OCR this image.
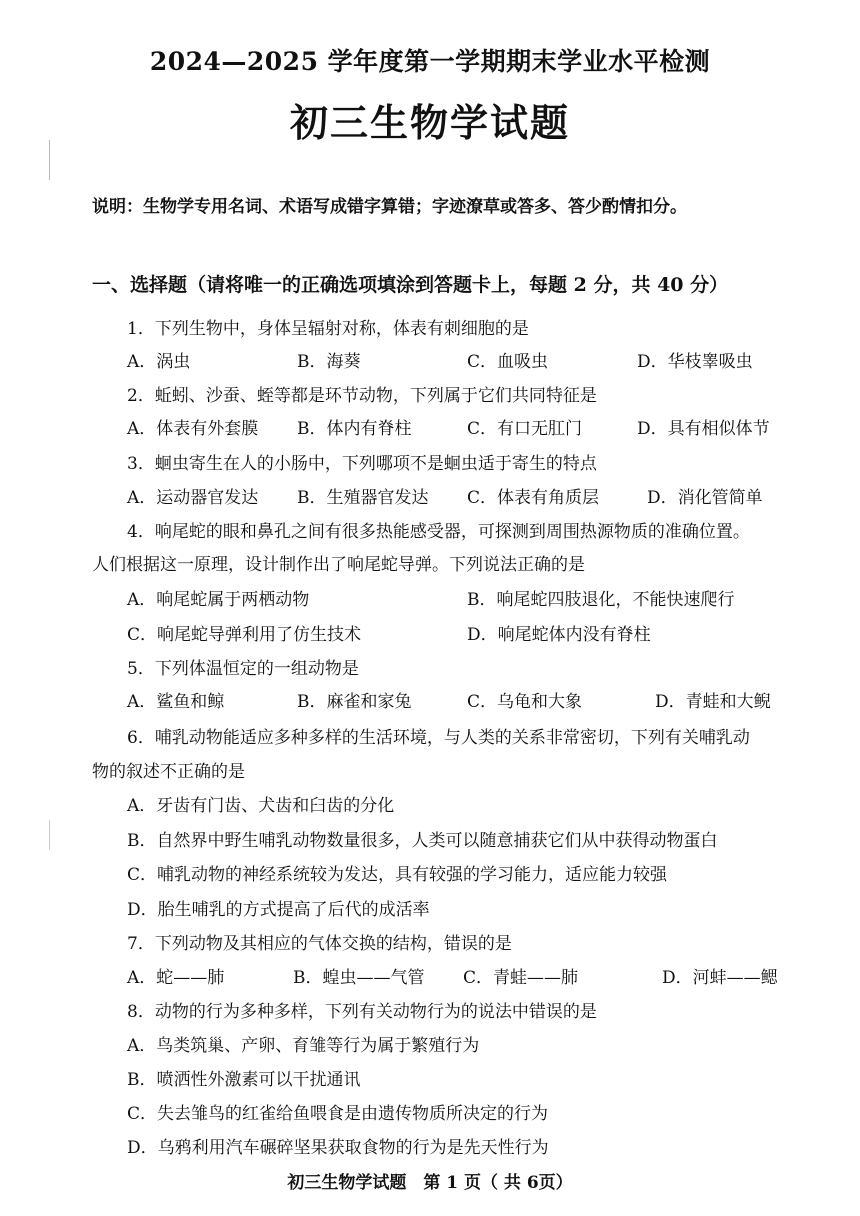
2024—2025 学年度第一学期期末学业水平检测
初三生物学试题
说明：生物学专用名词、术语写成错字算错；字迹潦草或答多、答少酌情扣分。
一、选择题（请将唯一的正确选项填涂到答题卡上，每题 2 分，共 40 分）
1．下列生物中，身体呈辐射对称，体表有刺细胞的是
A．涡虫	B．海葵	C．血吸虫	D．华枝睾吸虫
2．蚯蚓、沙蚕、蛭等都是环节动物，下列属于它们共同特征是
A．体表有外套膜 B．体内有脊柱	C．有口无肛门	D．具有相似体节
3．蛔虫寄生在人的小肠中，下列哪项不是蛔虫适于寄生的特点
A．运动器官发达 B．生殖器官发达 C．体表有角质层	D．消化管简单
4．响尾蛇的眼和鼻孔之间有很多热能感受器，可探测到周围热源物质的准确位置。
人们根据这一原理，设计制作出了响尾蛇导弹。下列说法正确的是
A．响尾蛇属于两栖动物	B．响尾蛇四肢退化，不能快速爬行
C．响尾蛇导弹利用了仿生技术	D．响尾蛇体内没有脊柱
5．下列体温恒定的一组动物是
A．鲨鱼和鲸	B．麻雀和家兔	C．乌龟和大象	D．青蛙和大鲵
6．哺乳动物能适应多种多样的生活环境，与人类的关系非常密切，下列有关哺乳动
物的叙述不正确的是
A．牙齿有门齿、犬齿和臼齿的分化
B．自然界中野生哺乳动物数量很多，人类可以随意捕获它们从中获得动物蛋白
C．哺乳动物的神经系统较为发达，具有较强的学习能力，适应能力较强
D．胎生哺乳的方式提高了后代的成活率
7．下列动物及其相应的气体交换的结构，错误的是
A．蛇——肺	B．蝗虫——气管 C．青蛙——肺	D．河蚌——鳃
8．动物的行为多种多样，下列有关动物行为的说法中错误的是
A．鸟类筑巢、产卵、育雏等行为属于繁殖行为
B．喷洒性外激素可以干扰通讯
C．失去雏鸟的红雀给鱼喂食是由遗传物质所决定的行为
D．乌鸦利用汽车碾碎坚果获取食物的行为是先天性行为
初三生物学试题　第 1 页（ 共 6页）
